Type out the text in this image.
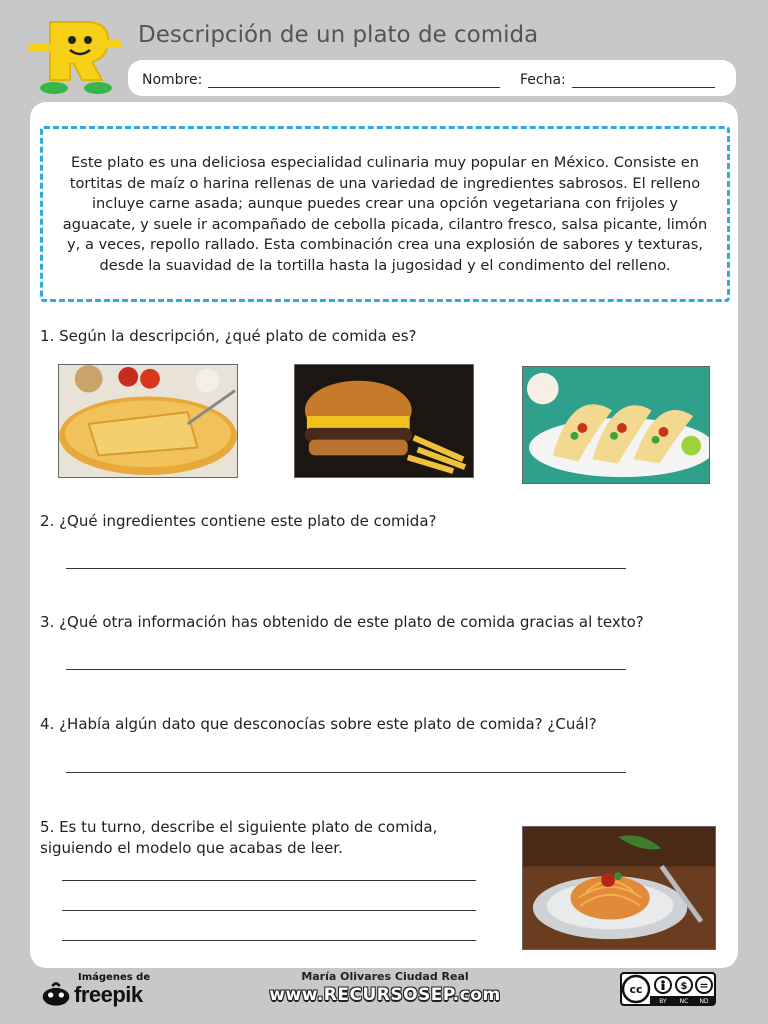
Descripción de un plato de comida
Nombre:	Fecha:

Este plato es una deliciosa especialidad culinaria muy popular en México. Consiste en tortitas de maíz o harina rellenas de una variedad de ingredientes sabrosos. El relleno incluye carne asada; aunque puedes crear una opción vegetariana con frijoles y aguacate, y suele ir acompañado de cebolla picada, cilantro fresco, salsa picante, limón y, a veces, repollo rallado. Esta combinación crea una explosión de sabores y texturas, desde la suavidad de la tortilla hasta la jugosidad y el condimento del relleno.

1. Según la descripción, ¿qué plato de comida es?
2. ¿Qué ingredientes contiene este plato de comida?
3. ¿Qué otra información has obtenido de este plato de comida gracias al texto?
4. ¿Había algún dato que desconocías sobre este plato de comida? ¿Cuál?
5. Es tu turno, describe el siguiente plato de comida,
siguiendo el modelo que acabas de leer.
Imágenes de
freepik
María Olivares Ciudad Real
www.RECURSOSEP.com	cc	$ =
BY NC ND
